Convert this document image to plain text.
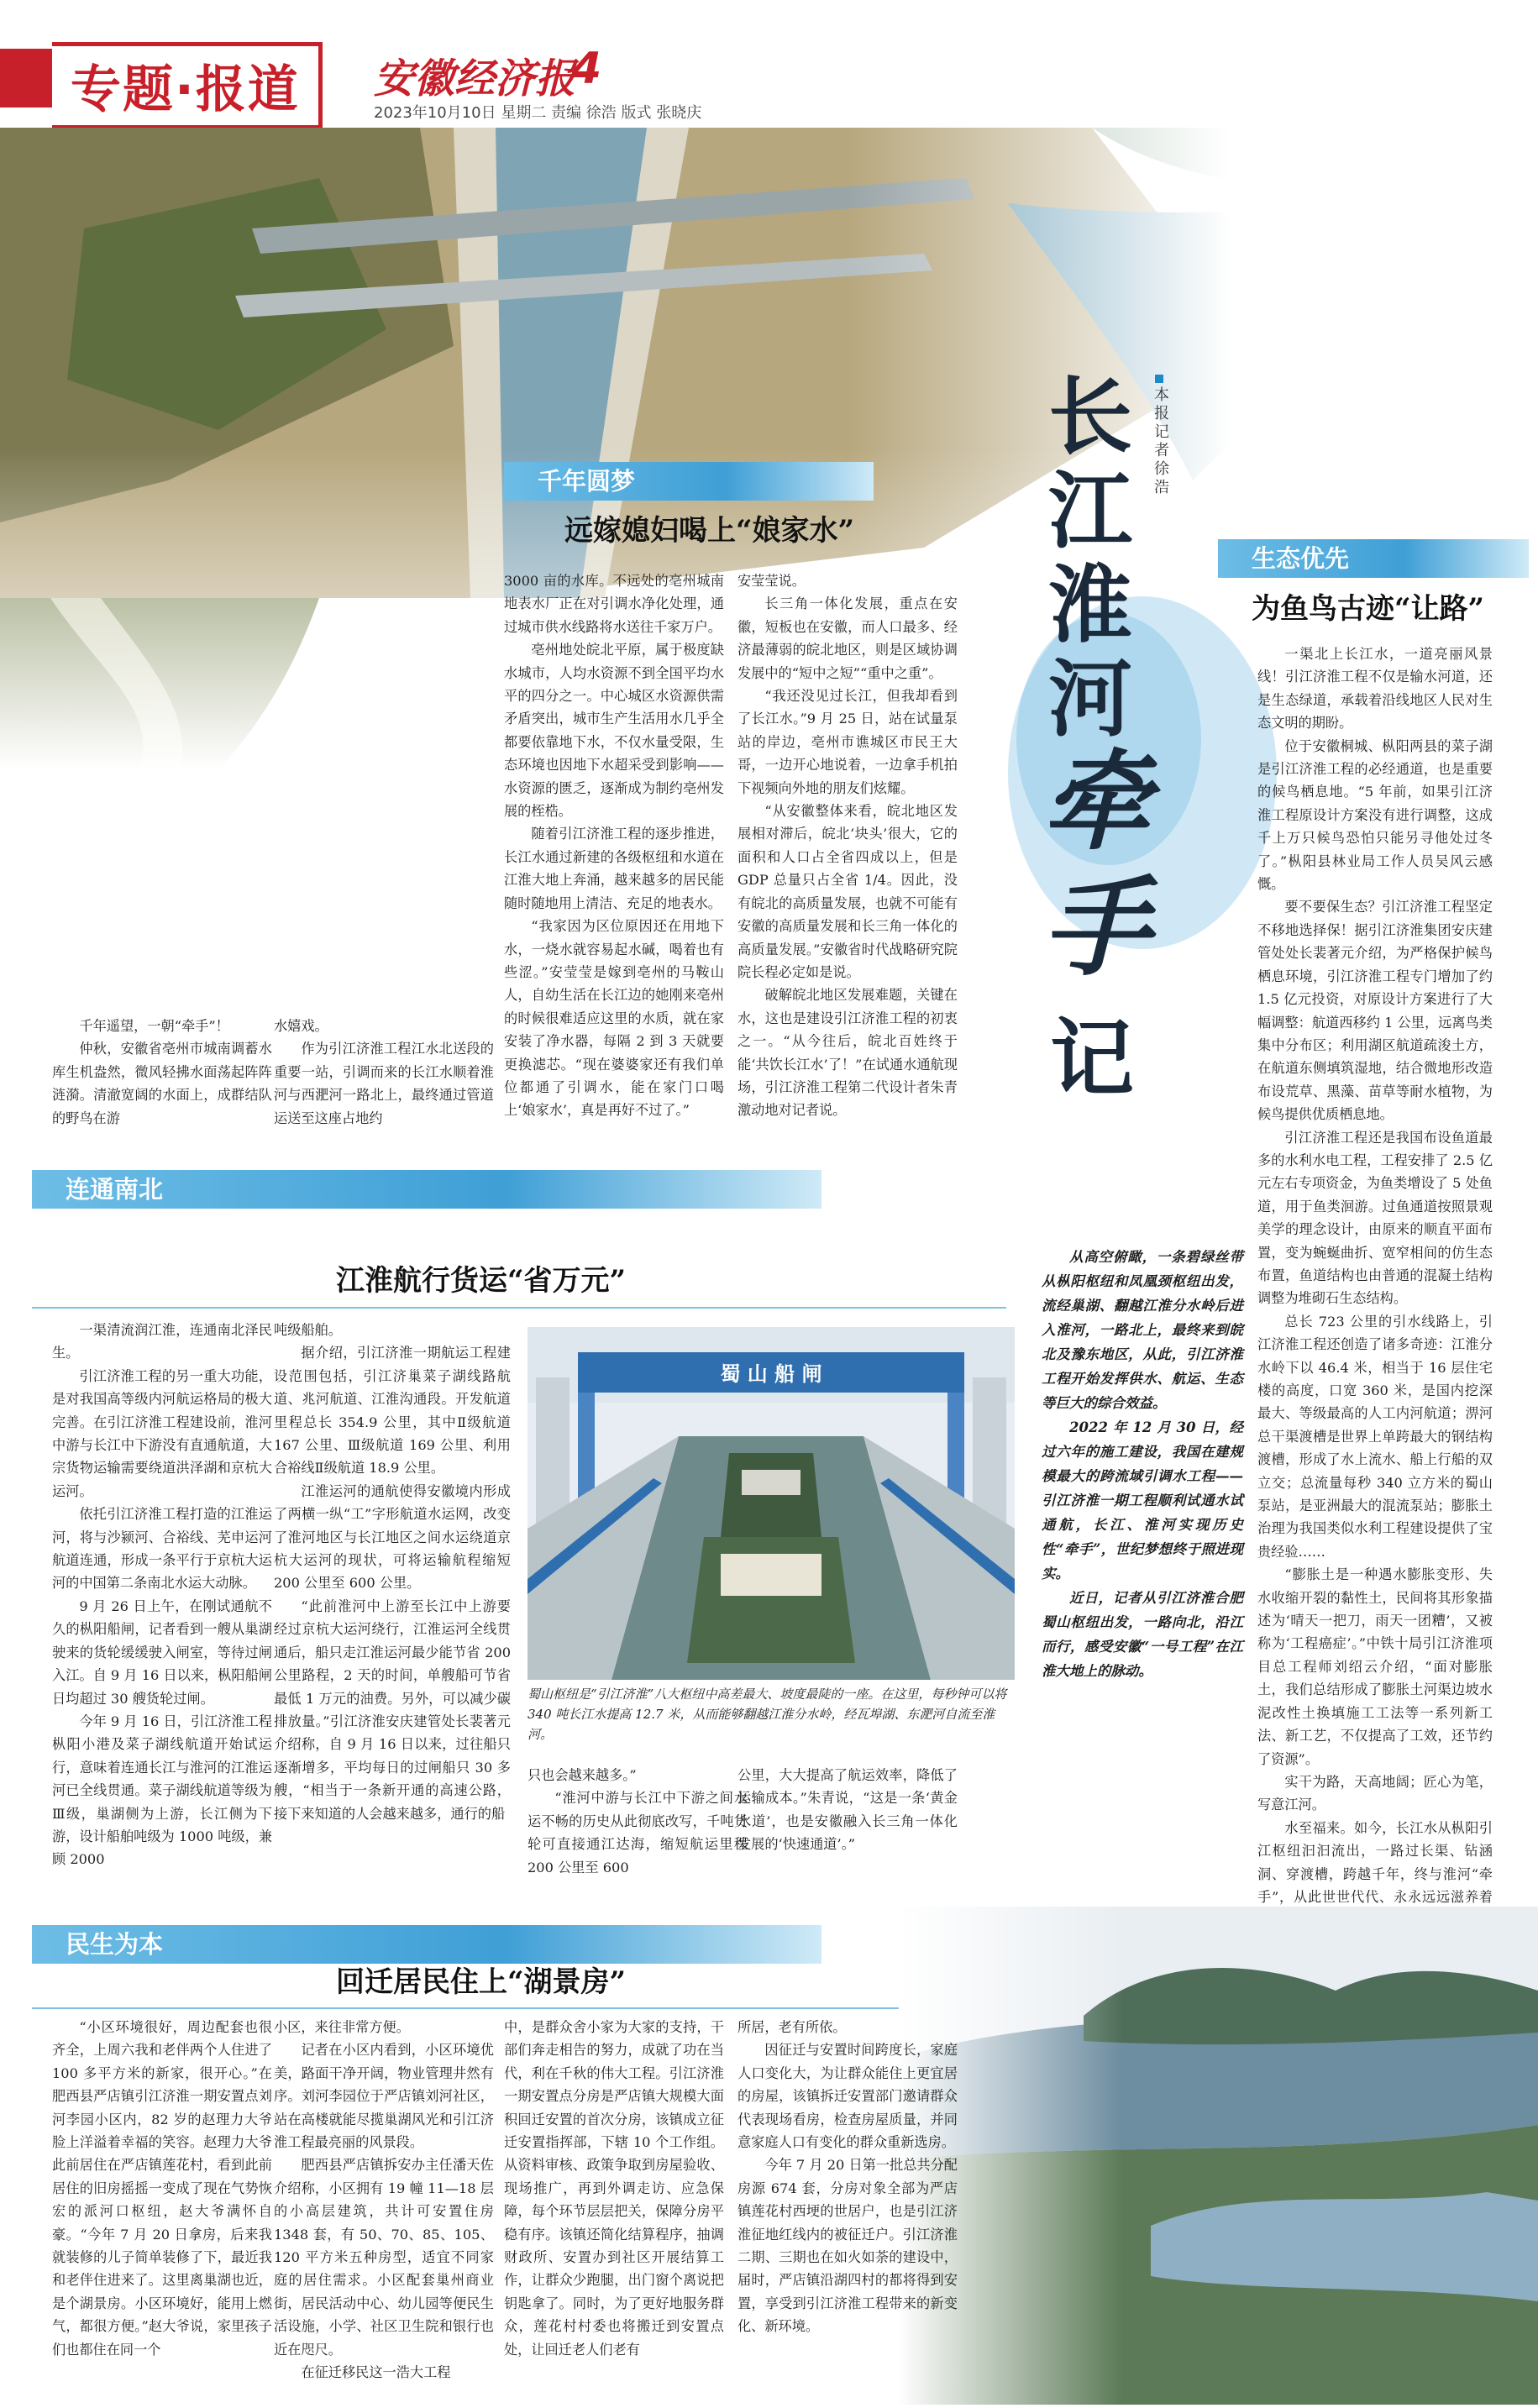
专题·报道	安徽经济报
4
2023年10月10日 星期二 责编 徐浩 版式 张晓庆
本报记者 徐浩
长江淮河
牵手
记
千年圆梦
远嫁媳妇喝上“娘家水”

千年遥望，一朝“牵手”！

仲秋，安徽省亳州市城南调蓄水库生机盎然，微风轻拂水面荡起阵阵涟漪。清澈宽阔的水面上，成群结队的野鸟在游

水嬉戏。

作为引江济淮工程江水北送段的重要一站，引调而来的长江水顺着淮河与西淝河一路北上，最终通过管道运送至这座占地约

3000 亩的水库。不远处的亳州城南地表水厂正在对引调水净化处理，通过城市供水线路将水送往千家万户。

亳州地处皖北平原，属于极度缺水城市，人均水资源不到全国平均水平的四分之一。中心城区水资源供需矛盾突出，城市生产生活用水几乎全都要依靠地下水，不仅水量受限，生态环境也因地下水超采受到影响——水资源的匮乏，逐渐成为制约亳州发展的桎梏。

随着引江济淮工程的逐步推进，长江水通过新建的各级枢纽和水道在江淮大地上奔涌，越来越多的居民能随时随地用上清洁、充足的地表水。

“我家因为区位原因还在用地下水，一烧水就容易起水碱，喝着也有些涩。”安莹莹是嫁到亳州的马鞍山人，自幼生活在长江边的她刚来亳州的时候很难适应这里的水质，就在家安装了净水器，每隔 2 到 3 天就要更换滤芯。“现在婆婆家还有我们单位都通了引调水，能在家门口喝上‘娘家水’，真是再好不过了。”

安莹莹说。

长三角一体化发展，重点在安徽，短板也在安徽，而人口最多、经济最薄弱的皖北地区，则是区域协调发展中的“短中之短”“重中之重”。

“我还没见过长江，但我却看到了长江水。”9 月 25 日，站在试量泵站的岸边，亳州市谯城区市民王大哥，一边开心地说着，一边拿手机拍下视频向外地的朋友们炫耀。

“从安徽整体来看，皖北地区发展相对滞后，皖北‘块头’很大，它的面积和人口占全省四成以上，但是 GDP 总量只占全省 1/4。因此，没有皖北的高质量发展，也就不可能有安徽的高质量发展和长三角一体化的高质量发展。”安徽省时代战略研究院院长程必定如是说。

破解皖北地区发展难题，关键在水，这也是建设引江济淮工程的初衷之一。“从今往后，皖北百姓终于能‘共饮长江水’了！”在试通水通航现场，引江济淮工程第二代设计者朱青激动地对记者说。

生态优先
为鱼鸟古迹“让路”

一渠北上长江水，一道亮丽风景线！引江济淮工程不仅是输水河道，还是生态绿道，承载着沿线地区人民对生态文明的期盼。

位于安徽桐城、枞阳两县的菜子湖是引江济淮工程的必经通道，也是重要的候鸟栖息地。“5 年前，如果引江济淮工程原设计方案没有进行调整，这成千上万只候鸟恐怕只能另寻他处过冬了。”枞阳县林业局工作人员吴风云感慨。

要不要保生态？引江济淮工程坚定不移地选择保！据引江济淮集团安庆建管处处长裴著元介绍，为严格保护候鸟栖息环境，引江济淮工程专门增加了约 1.5 亿元投资，对原设计方案进行了大幅调整：航道西移约 1 公里，远离鸟类集中分布区；利用湖区航道疏浚土方，在航道东侧填筑湿地，结合微地形改造布设荒草、黑藻、苗草等耐水植物，为候鸟提供优质栖息地。

引江济淮工程还是我国布设鱼道最多的水利水电工程，工程安排了 2.5 亿元左右专项资金，为鱼类增设了 5 处鱼道，用于鱼类洄游。过鱼通道按照景观美学的理念设计，由原来的顺直平面布置，变为蜿蜒曲折、宽窄相间的仿生态布置，鱼道结构也由普通的混凝土结构调整为堆砌石生态结构。

总长 723 公里的引水线路上，引江济淮工程还创造了诸多奇迹：江淮分水岭下以 46.4 米，相当于 16 层住宅楼的高度，口宽 360 米，是国内挖深最大、等级最高的人工内河航道；淠河总干渠渡槽是世界上单跨最大的钢结构渡槽，形成了水上流水、船上行船的双立交；总流量每秒 340 立方米的蜀山泵站，是亚洲最大的混流泵站；膨胀土治理为我国类似水利工程建设提供了宝贵经验……

“膨胀土是一种遇水膨胀变形、失水收缩开裂的黏性土，民间将其形象描述为‘晴天一把刀，雨天一团糟’，又被称为‘工程癌症’。”中铁十局引江济淮项目总工程师刘绍云介绍，“面对膨胀土，我们总结形成了膨胀土河渠边坡水泥改性土换填施工工法等一系列新工法、新工艺，不仅提高了工效，还节约了资源”。

实干为路，天高地阔；匠心为笔，写意江河。

水至福来。如今，长江水从枞阳引江枢纽汩汩流出，一路过长渠、钻涵洞、穿渡槽，跨越千年，终与淮河“牵手”，从此世世代代、永永远远滋养着

连通南北
江淮航行货运“省万元”

一渠清流润江淮，连通南北泽民生。

引江济淮工程的另一重大功能，是对我国高等级内河航运格局的极大完善。在引江济淮工程建设前，淮河中游与长江中下游没有直通航道，大宗货物运输需要绕道洪泽湖和京杭大运河。

依托引江济淮工程打造的江淮运河，将与沙颍河、合裕线、芜申运河航道连通，形成一条平行于京杭大运河的中国第二条南北水运大动脉。

9 月 26 日上午，在刚试通航不久的枞阳船闸，记者看到一艘从巢湖驶来的货轮缓缓驶入闸室，等待过闸入江。自 9 月 16 日以来，枞阳船闸日均超过 30 艘货轮过闸。

今年 9 月 16 日，引江济淮工程枞阳小港及菜子湖线航道开始试运行，意味着连通长江与淮河的江淮运河已全线贯通。菜子湖线航道等级为Ⅲ级，巢湖侧为上游，长江侧为下游，设计船舶吨级为 1000 吨级，兼顾 2000

吨级船舶。

据介绍，引江济淮一期航运工程建设范围包括，引江济巢菜子湖线路航道、兆河航道、江淮沟通段。开发航道里程总长 354.9 公里，其中Ⅱ级航道 167 公里、Ⅲ级航道 169 公里、利用合裕线Ⅱ级航道 18.9 公里。

江淮运河的通航使得安徽境内形成了两横一纵“工”字形航道水运网，改变了淮河地区与长江地区之间水运绕道京杭大运河的现状，可将运输航程缩短 200 公里至 600 公里。

“此前淮河中上游至长江中上游要经过京杭大运河绕行，江淮运河全线贯通后，船只走江淮运河最少能节省 200 公里路程，2 天的时间，单艘船可节省最低 1 万元的油费。另外，可以减少碳排放量。”引江济淮安庆建管处长裴著元介绍称，自 9 月 16 日以来，过往船只逐渐增多，平均每日的过闸船只 30 多艘，“相当于一条新开通的高速公路，接下来知道的人会越来越多，通行的船

蜀 山 船 闸
蜀山枢纽是“引江济淮”八大枢纽中高差最大、坡度最陡的一座。在这里，每秒钟可以将 340 吨长江水提高 12.7 米，从而能够翻越江淮分水岭，经瓦埠湖、东淝河自流至淮河。

只也会越来越多。”

“淮河中游与长江中下游之间水运不畅的历史从此彻底改写，千吨货轮可直接通江达海，缩短航运里程 200 公里至 600

公里，大大提高了航运效率，降低了运输成本。”朱青说，“这是一条‘黄金水道’，也是安徽融入长三角一体化发展的‘快速通道’。”

从高空俯瞰，一条碧绿丝带从枞阳枢纽和凤凰颈枢纽出发，流经巢湖、翻越江淮分水岭后进入淮河，一路北上，最终来到皖北及豫东地区，从此，引江济淮工程开始发挥供水、航运、生态等巨大的综合效益。

2022 年 12 月 30 日，经过六年的施工建设，我国在建规模最大的跨流域引调水工程——引江济淮一期工程顺利试通水试通航，长江、淮河实现历史性“牵手”，世纪梦想终于照进现实。

近日，记者从引江济淮合肥蜀山枢纽出发，一路向北，沿江而行，感受安徽“一号工程”在江淮大地上的脉动。

民生为本
回迁居民住上“湖景房”

“小区环境很好，周边配套也很齐全，上周六我和老伴两个人住进了 100 多平方米的新家，很开心。”在肥西县严店镇引江济淮一期安置点刘河李园小区内，82 岁的赵理力大爷脸上洋溢着幸福的笑容。赵理力大爷此前居住在严店镇莲花村，看到此前居住的旧房摇摇一变成了现在气势恢宏的派河口枢纽，赵大爷满怀自豪。“今年 7 月 20 日拿房，后来我就装修的儿子简单装修了下，最近我和老伴住进来了。这里离巢湖也近，是个湖景房。小区环境好，能用上燃气，都很方便。”赵大爷说，家里孩子们也都住在同一个

小区，来往非常方便。

记者在小区内看到，小区环境优美，路面干净开阔，物业管理井然有序。刘河李园位于严店镇刘河社区，站在高楼就能尽揽巢湖风光和引江济淮工程最亮丽的风景段。

肥西县严店镇拆安办主任潘天佐介绍称，小区拥有 19 幢 11—18 层的小高层建筑，共计可安置住房 1348 套，有 50、70、85、105、120 平方米五种房型，适宜不同家庭的居住需求。小区配套巢州商业街，居民活动中心、幼儿园等便民生活设施，小学、社区卫生院和银行也近在咫尺。

在征迁移民这一浩大工程

中，是群众舍小家为大家的支持，干部们奔走相告的努力，成就了功在当代，利在千秋的伟大工程。引江济淮一期安置点分房是严店镇大规模大面积回迁安置的首次分房，该镇成立征迁安置指挥部，下辖 10 个工作组。从资料审核、政策争取到房屋验收、现场推广，再到外调走访、应急保障，每个环节层层把关，保障分房平稳有序。该镇还简化结算程序，抽调财政所、安置办到社区开展结算工作，让群众少跑腿，出门窗个离说把钥匙拿了。同时，为了更好地服务群众，莲花村村委也将搬迁到安置点处，让回迁老人们老有

所居，老有所依。

因征迁与安置时间跨度长，家庭人口变化大，为让群众能住上更宜居的房屋，该镇拆迁安置部门邀请群众代表现场看房，检查房屋质量，并同意家庭人口有变化的群众重新选房。

今年 7 月 20 日第一批总共分配房源 674 套，分房对象全部为严店镇莲花村西埂的世居户，也是引江济淮征地红线内的被征迁户。引江济淮二期、三期也在如火如荼的建设中，届时，严店镇沿湖四村的都将得到安置，享受到引江济淮工程带来的新变化、新环境。
